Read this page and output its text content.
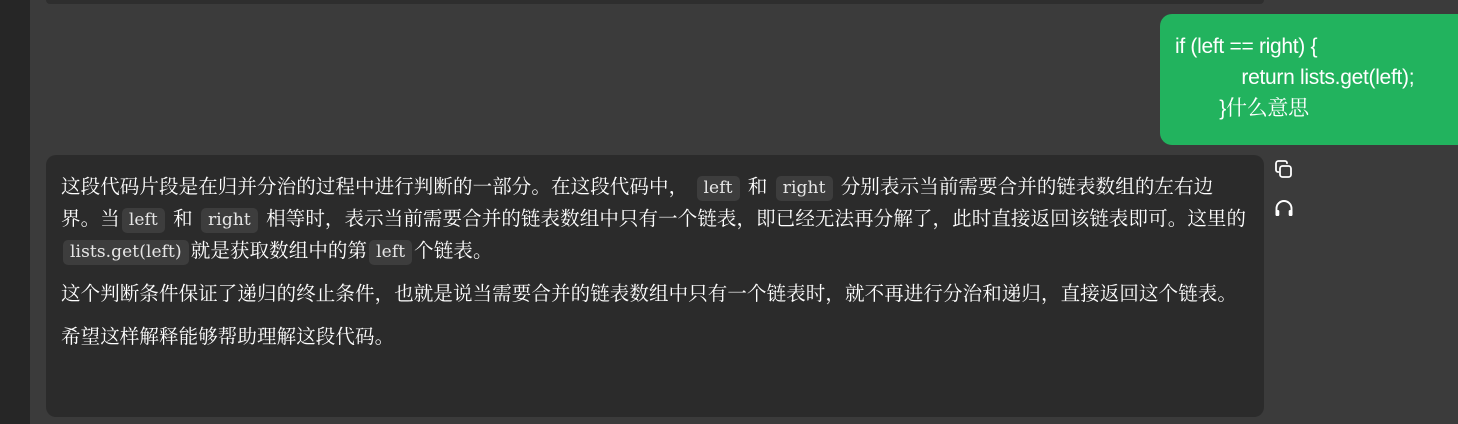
if (left == right) {
return lists.get(left);
}什么意思

这段代码片段是在归并分治的过程中进行判断的一部分。在这段代码中， left 和 right 分别表示当前需要合并的链表数组的左右边界。当 left 和 right 相等时，表示当前需要合并的链表数组中只有一个链表，即已经无法再分解了，此时直接返回该链表即可。这里的lists.get(left) 就是获取数组中的第 left 个链表。

这个判断条件保证了递归的终止条件，也就是说当需要合并的链表数组中只有一个链表时，就不再进行分治和递归，直接返回这个链表。

希望这样解释能够帮助理解这段代码。
